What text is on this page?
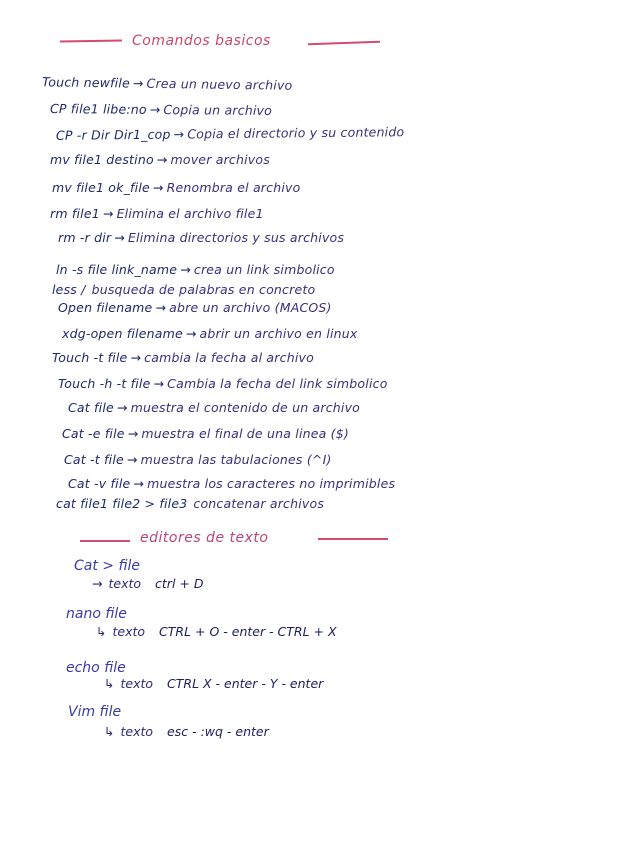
Comandos basicos
Touch newfile → Crea un nuevo archivo
CP file1 libe:no → Copia un archivo
CP -r Dir Dir1_cop → Copia el directorio y su contenido
mv file1 destino → mover archivos
mv file1 ok_file → Renombra el archivo
rm file1 → Elimina el archivo file1
rm -r dir → Elimina directorios y sus archivos
ln -s file link_name → crea un link simbolico
less / busqueda de palabras en concreto
Open filename → abre un archivo (MACOS)
xdg-open filename → abrir un archivo en linux
Touch -t file → cambia la fecha al archivo
Touch -h -t file → Cambia la fecha del link simbolico
Cat file → muestra el contenido de un archivo
Cat -e file → muestra el final de una linea ($)
Cat -t file → muestra las tabulaciones (^I)
Cat -v file → muestra los caracteres no imprimibles
cat file1 file2 > file3 concatenar archivos
editores de texto
Cat > file
→ texto ctrl + D
nano file
↳ texto CTRL + O - enter - CTRL + X
echo file
↳ texto CTRL X - enter - Y - enter
Vim file
↳ texto esc - :wq - enter
